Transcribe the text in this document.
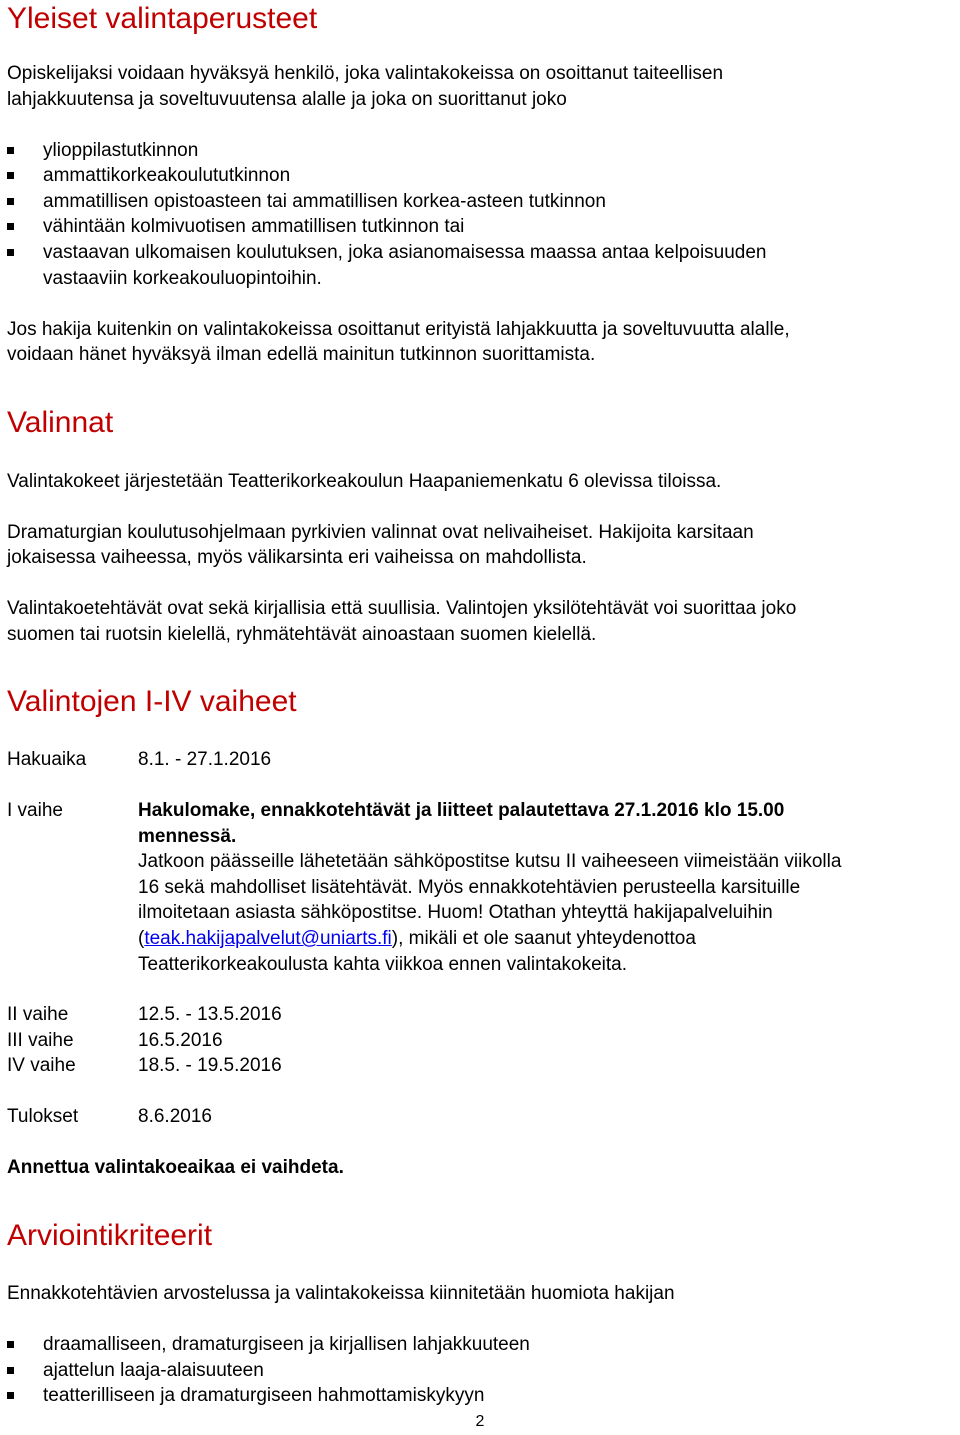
Yleiset valintaperusteet
Opiskelijaksi voidaan hyväksyä henkilö, joka valintakokeissa on osoittanut taiteellisen
lahjakkuutensa ja soveltuvuutensa alalle ja joka on suorittanut joko
ylioppilastutkinnon
ammattikorkeakoulututkinnon
ammatillisen opistoasteen tai ammatillisen korkea-asteen tutkinnon
vähintään kolmivuotisen ammatillisen tutkinnon tai
vastaavan ulkomaisen koulutuksen, joka asianomaisessa maassa antaa kelpoisuuden
vastaaviin korkeakouluopintoihin.
Jos hakija kuitenkin on valintakokeissa osoittanut erityistä lahjakkuutta ja soveltuvuutta alalle,
voidaan hänet hyväksyä ilman edellä mainitun tutkinnon suorittamista.
Valinnat
Valintakokeet järjestetään Teatterikorkeakoulun Haapaniemenkatu 6 olevissa tiloissa.
Dramaturgian koulutusohjelmaan pyrkivien valinnat ovat nelivaiheiset. Hakijoita karsitaan
jokaisessa vaiheessa, myös välikarsinta eri vaiheissa on mahdollista.
Valintakoetehtävät ovat sekä kirjallisia että suullisia. Valintojen yksilötehtävät voi suorittaa joko
suomen tai ruotsin kielellä, ryhmätehtävät ainoastaan suomen kielellä.
Valintojen I-IV vaiheet
Hakuaika	8.1. - 27.1.2016
I vaihe	Hakulomake, ennakkotehtävät ja liitteet palautettava 27.1.2016 klo 15.00
mennessä.
Jatkoon päässeille lähetetään sähköpostitse kutsu II vaiheeseen viimeistään viikolla
16 sekä mahdolliset lisätehtävät. Myös ennakkotehtävien perusteella karsituille
ilmoitetaan asiasta sähköpostitse. Huom! Otathan yhteyttä hakijapalveluihin
(teak.hakijapalvelut@uniarts.fi), mikäli et ole saanut yhteydenottoa
Teatterikorkeakoulusta kahta viikkoa ennen valintakokeita.
II vaihe	12.5. - 13.5.2016
III vaihe	16.5.2016
IV vaihe	18.5. - 19.5.2016
Tulokset	8.6.2016
Annettua valintakoeaikaa ei vaihdeta.
Arviointikriteerit
Ennakkotehtävien arvostelussa ja valintakokeissa kiinnitetään huomiota hakijan
draamalliseen, dramaturgiseen ja kirjallisen lahjakkuuteen
ajattelun laaja-alaisuuteen
teatterilliseen ja dramaturgiseen hahmottamiskykyyn
2
